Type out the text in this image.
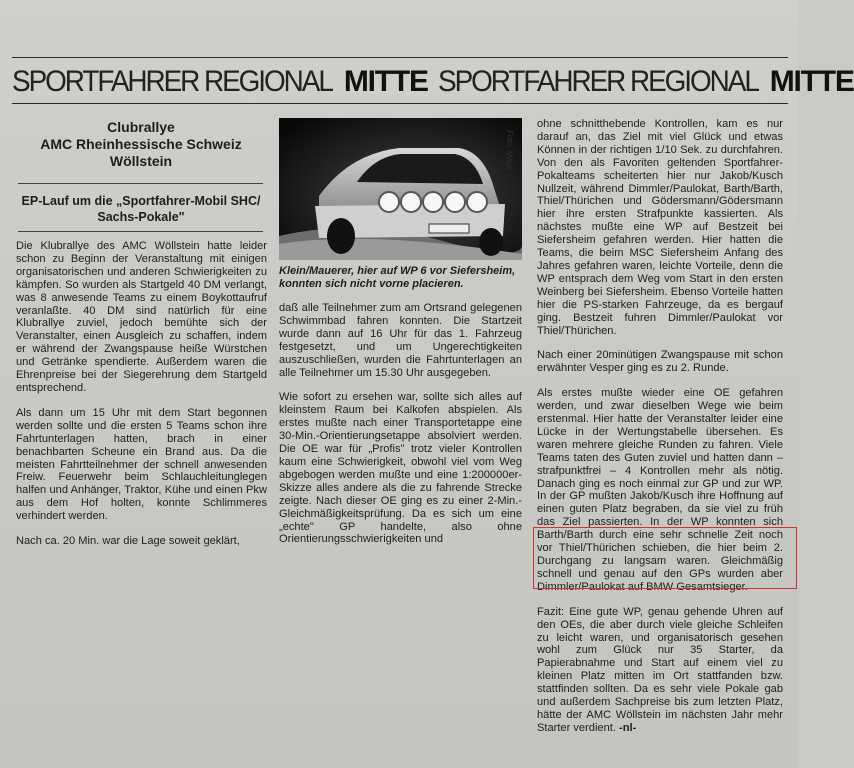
SPORTFAHRER REGIONAL MITTE SPORTFAHRER REGIONAL MITTE
Clubrallye
AMC Rheinhessische Schweiz
Wöllstein
EP-Lauf um die „Sportfahrer-Mobil SHC/
Sachs-Pokale"

Die Klubrallye des AMC Wöllstein hatte leider schon zu Beginn der Veranstaltung mit einigen organisatorischen und anderen Schwierigkeiten zu kämpfen. So wurden als Startgeld 40 DM verlangt, was 8 anwesende Teams zu einem Boykottaufruf veranlaßte. 40 DM sind natürlich für eine Klubrallye zuviel, jedoch bemühte sich der Veranstalter, einen Ausgleich zu schaffen, indem er während der Zwangspause heiße Würstchen und Getränke spendierte. Außerdem waren die Ehrenpreise bei der Siegerehrung dem Startgeld entsprechend.

Als dann um 15 Uhr mit dem Start begonnen werden sollte und die ersten 5 Teams schon ihre Fahrtunterlagen hatten, brach in einer benachbarten Scheune ein Brand aus. Da die meisten Fahrtteilnehmer der schnell anwesenden Freiw. Feuerwehr beim Schlauchleitunglegen halfen und Anhänger, Traktor, Kühe und einen Pkw aus dem Hof holten, konnte Schlimmeres verhindert werden.

Nach ca. 20 Min. war die Lage soweit geklärt,

Foto: Maus
Klein/Mauerer, hier auf WP 6 vor Siefersheim, konnten sich nicht vorne placieren.

daß alle Teilnehmer zum am Ortsrand gelegenen Schwimmbad fahren konnten. Die Startzeit wurde dann auf 16 Uhr für das 1. Fahrzeug festgesetzt, und um Ungerechtigkeiten auszuschließen, wurden die Fahrtunterlagen an alle Teilnehmer um 15.30 Uhr ausgegeben.

Wie sofort zu ersehen war, sollte sich alles auf kleinstem Raum bei Kalkofen abspielen. Als erstes mußte nach einer Transportetappe eine 30-Min.-Orientierungsetappe absolviert werden. Die OE war für „Profis" trotz vieler Kontrollen kaum eine Schwierigkeit, obwohl viel vom Weg abgebogen werden mußte und eine 1:200000er-Skizze alles andere als die zu fahrende Strecke zeigte. Nach dieser OE ging es zu einer 2-Min.-Gleichmäßigkeitsprüfung. Da es sich um eine „echte" GP handelte, also ohne Orientierungsschwierigkeiten und

ohne schnitthebende Kontrollen, kam es nur darauf an, das Ziel mit viel Glück und etwas Können in der richtigen 1/10 Sek. zu durchfahren. Von den als Favoriten geltenden Sportfahrer-Pokalteams scheiterten hier nur Jakob/Kusch Nullzeit, während Dimmler/Paulokat, Barth/Barth, Thiel/Thürichen und Gödersmann/Gödersmann hier ihre ersten Strafpunkte kassierten. Als nächstes mußte eine WP auf Bestzeit bei Siefersheim gefahren werden. Hier hatten die Teams, die beim MSC Siefersheim Anfang des Jahres gefahren waren, leichte Vorteile, denn die WP entsprach dem Weg vom Start in den ersten Weinberg bei Siefersheim. Ebenso Vorteile hatten hier die PS-starken Fahrzeuge, da es bergauf ging. Bestzeit fuhren Dimmler/Paulokat vor Thiel/Thürichen.

Nach einer 20minütigen Zwangspause mit schon erwähnter Vesper ging es zu 2. Runde.

Als erstes mußte wieder eine OE gefahren werden, und zwar dieselben Wege wie beim erstenmal. Hier hatte der Veranstalter leider eine Lücke in der Wertungstabelle übersehen. Es waren mehrere gleiche Runden zu fahren. Viele Teams taten des Guten zuviel und hatten dann – strafpunktfrei – 4 Kontrollen mehr als nötig. Danach ging es noch einmal zur GP und zur WP. In der GP mußten Jakob/Kusch ihre Hoffnung auf einen guten Platz begraben, da sie viel zu früh das Ziel passierten. In der WP konnten sich Barth/Barth durch eine sehr schnelle Zeit noch vor Thiel/Thürichen schieben, die hier beim 2. Durchgang zu langsam waren. Gleichmäßig schnell und genau auf den GPs wurden aber Dimmler/Paulokat auf BMW Gesamtsieger.

Fazit: Eine gute WP, genau gehende Uhren auf den OEs, die aber durch viele gleiche Schleifen zu leicht waren, und organisatorisch gesehen wohl zum Glück nur 35 Starter, da Papierabnahme und Start auf einem viel zu kleinen Platz mitten im Ort stattfanden bzw. stattfinden sollten. Da es sehr viele Pokale gab und außerdem Sachpreise bis zum letzten Platz, hätte der AMC Wöllstein im nächsten Jahr mehr Starter verdient. -nl-
